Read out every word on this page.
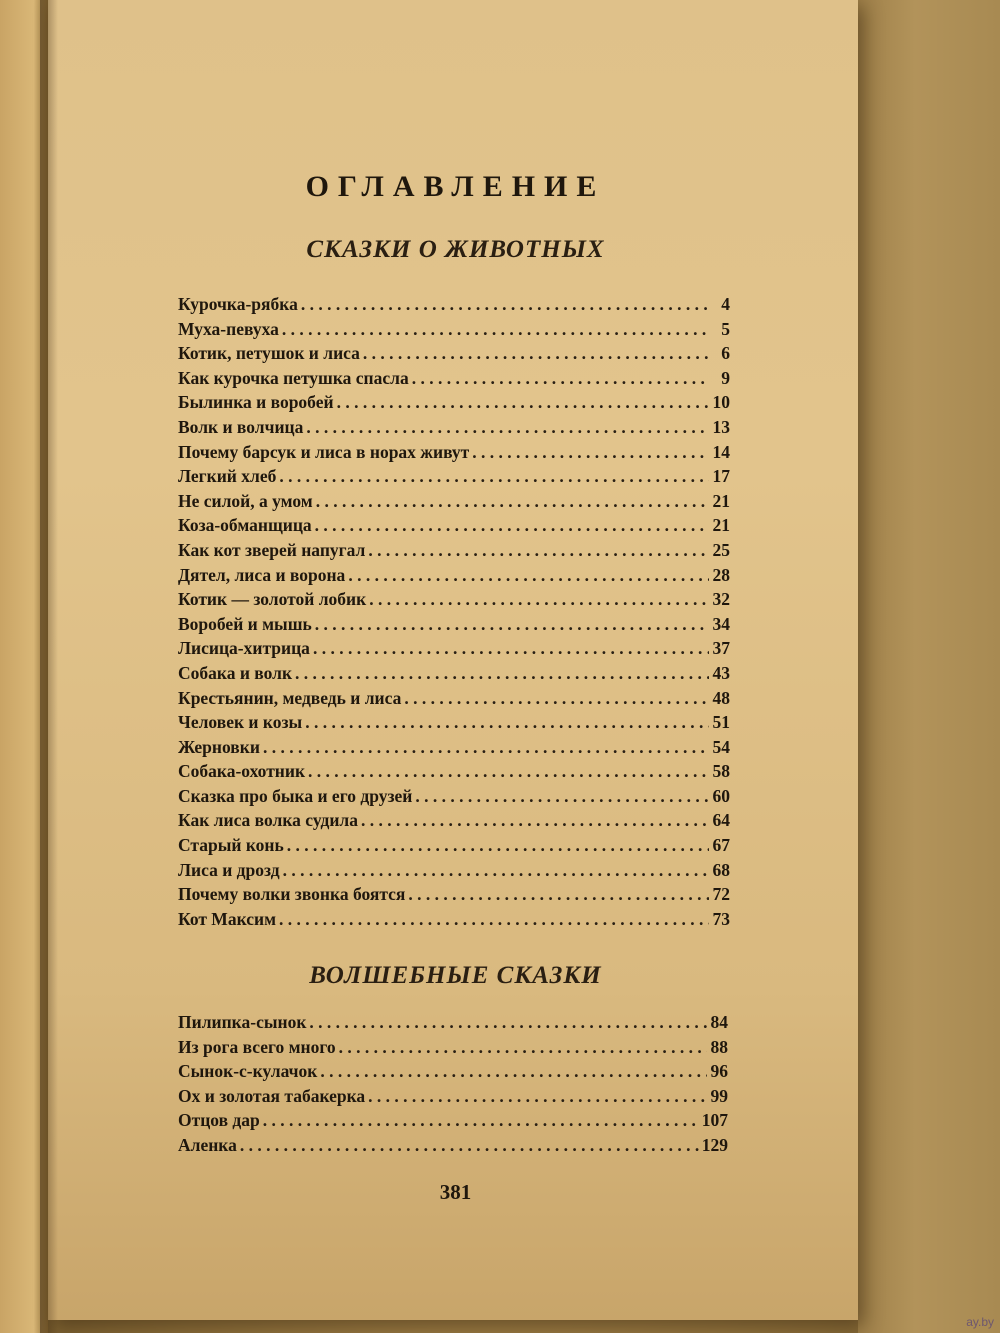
ОГЛАВЛЕНИЕ
СКАЗКИ О ЖИВОТНЫХ
Курочка-рябка . . .	4
Муха-певуха . . .	5
Котик, петушок и лиса . . .	6
Как курочка петушка спасла . . .	9
Былинка и воробей . . .	10
Волк и волчица . . .	13
Почему барсук и лиса в норах живут . . .	14
Легкий хлеб . . .	17
Не силой, а умом . . .	21
Коза-обманщица . . .	21
Как кот зверей напугал . . .	25
Дятел, лиса и ворона . . .	28
Котик — золотой лобик . . .	32
Воробей и мышь . . .	34
Лисица-хитрица . . .	37
Собака и волк . . .	43
Крестьянин, медведь и лиса . . .	48
Человек и козы . . .	51
Жерновки . . .	54
Собака-охотник . . .	58
Сказка про быка и его друзей . . .	60
Как лиса волка судила . . .	64
Старый конь . . .	67
Лиса и дрозд . . .	68
Почему волки звонка боятся . . .	72
Кот Максим . . .	73
ВОЛШЕБНЫЕ СКАЗКИ
Пилипка-сынок . . .	84
Из рога всего много . . .	88
Сынок-с-кулачок . . .	96
Ох и золотая табакерка . . .	99
Отцов дар . . .	107
Аленка . . .	129
381
ay.by
